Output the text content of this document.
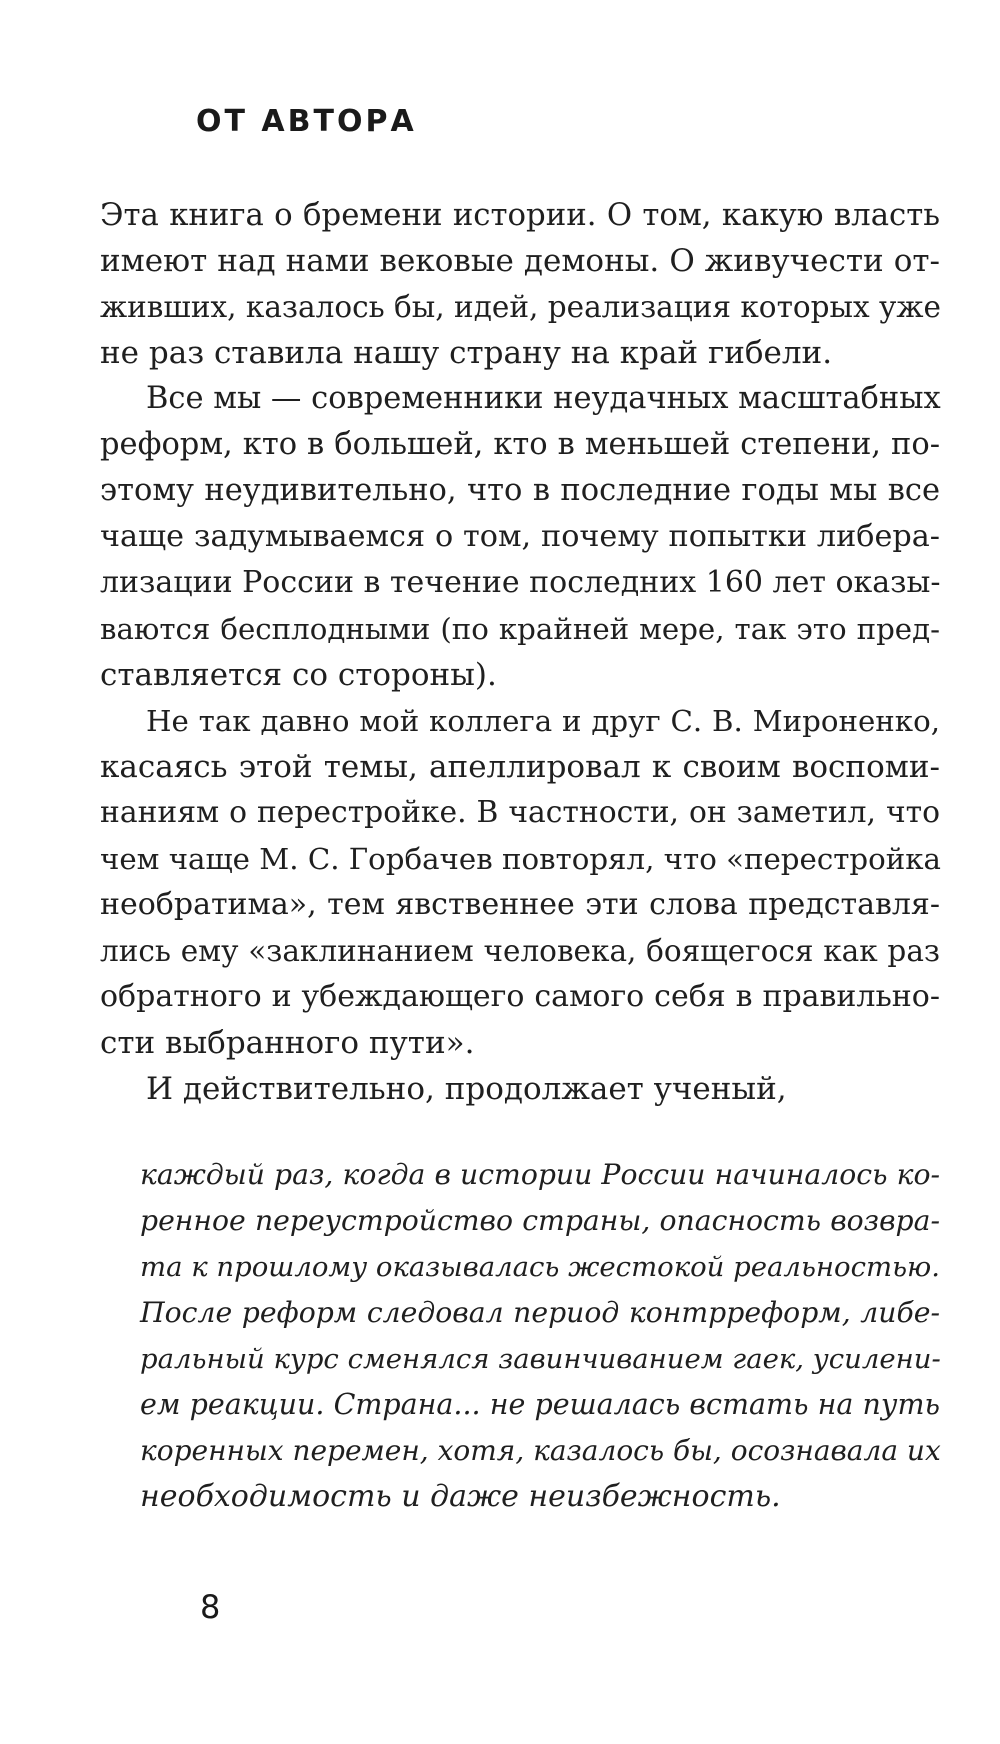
ОТ АВТОРА
Эта книга о бремени истории. О том, какую власть
имеют над нами вековые демоны. О живучести от-
живших, казалось бы, идей, реализация которых уже
не раз ставила нашу страну на край гибели.
Все мы — современники неудачных масштабных
реформ, кто в большей, кто в меньшей степени, по-
этому неудивительно, что в последние годы мы все
чаще задумываемся о том, почему попытки либера-
лизации России в течение последних 160 лет оказы-
ваются бесплодными (по крайней мере, так это пред-
ставляется со стороны).
Не так давно мой коллега и друг С. В. Мироненко,
касаясь этой темы, апеллировал к своим воспоми-
наниям о перестройке. В частности, он заметил, что
чем чаще М. С. Горбачев повторял, что «перестройка
необратима», тем явственнее эти слова представля-
лись ему «заклинанием человека, боящегося как раз
обратного и убеждающего самого себя в правильно-
сти выбранного пути».
И действительно, продолжает ученый,
каждый раз, когда в истории России начиналось ко-
ренное переустройство страны, опасность возвра-
та к прошлому оказывалась жестокой реальностью.
После реформ следовал период контрреформ, либе-
ральный курс сменялся завинчиванием гаек, усилени-
ем реакции. Страна... не решалась встать на путь
коренных перемен, хотя, казалось бы, осознавала их
необходимость и даже неизбежность.

8
